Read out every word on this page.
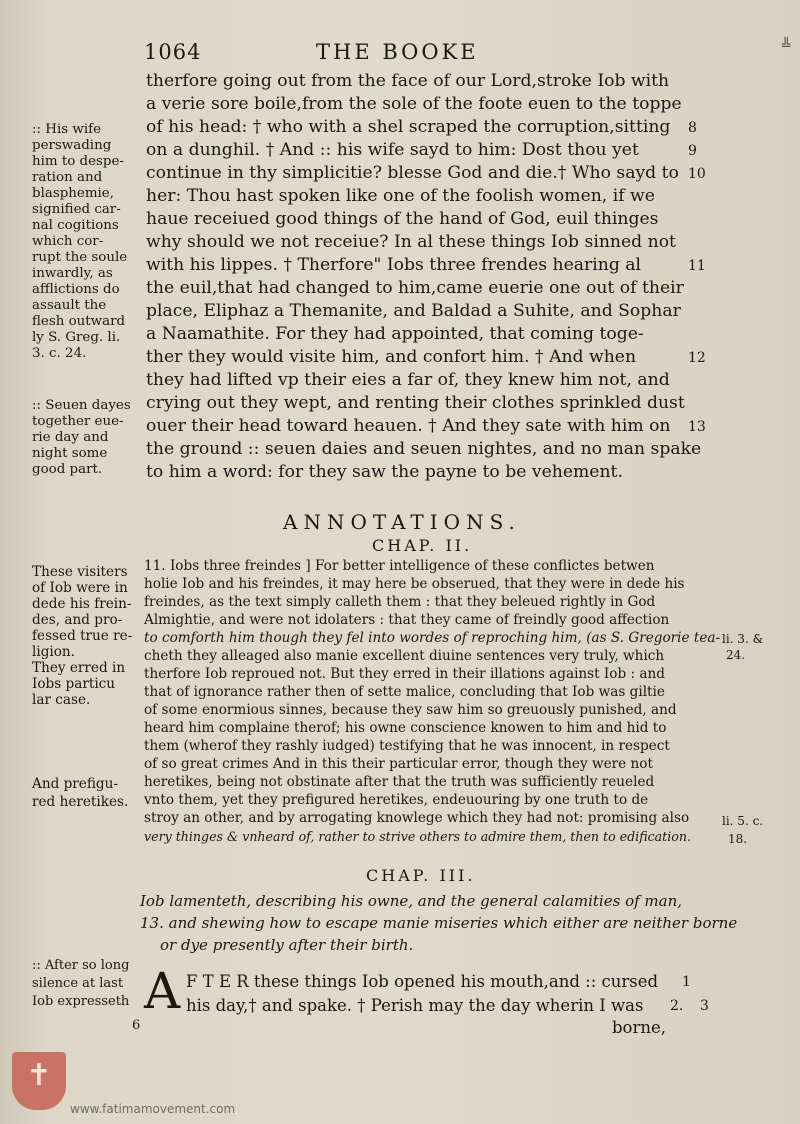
1064	THE BOOKE	╩
therfore going out from the face of our Lord,stroke Iob with
a verie sore boile,from the sole of the foote euen to the toppe
of his head: † who with a shel scraped the corruption,sitting
on a dunghil. † And :: his wife sayd to him: Dost thou yet
continue in thy simplicitie? blesse God and die.† Who sayd to
her: Thou hast spoken like one of the foolish women, if we
haue receiued good things of the hand of God, euil thinges
why should we not receiue? In al these things Iob sinned not
with his lippes. † Therfore" Iobs three frendes hearing al
the euil,that had changed to him,came euerie one out of their
place, Eliphaz a Themanite, and Baldad a Suhite, and Sophar
a Naamathite. For they had appointed, that coming toge-
ther they would visite him, and confort him. † And when
they had lifted vp their eies a far of, they knew him not, and
crying out they wept, and renting their clothes sprinkled dust
ouer their head toward heauen. † And they sate with him on
the ground :: seuen daies and seuen nightes, and no man spake
to him a word: for they saw the payne to be vehement.
8
9
10
11
12
13
:: His wife
perswading
him to despe-
ration and
blasphemie,
signified car-
nal cogitions
which cor-
rupt the soule
inwardly, as
afflictions do
assault the
flesh outward
ly S. Greg. li.
3. c. 24.
:: Seuen dayes
together eue-
rie day and
night some
good part.
ANNOTATIONS.
CHAP. II.
11. Iobs three freindes ] For better intelligence of these conflictes betwen
holie Iob and his freindes, it may here be obserued, that they were in dede his
freindes, as the text simply calleth them : that they beleued rightly in God
Almightie, and were not idolaters : that they came of freindly good affection
to comforth him though they fel into wordes of reproching him, (as S. Gregorie tea-
cheth they alleaged also manie excellent diuine sentences very truly, which
therfore Iob reproued not. But they erred in their illations against Iob : and
that of ignorance rather then of sette malice, concluding that Iob was giltie
of some enormious sinnes, because they saw him so greuously punished, and
heard him complaine therof; his owne conscience knowen to him and hid to
them (wherof they rashly iudged) testifying that he was innocent, in respect
of so great crimes And in this their particular error, though they were not
heretikes, being not obstinate after that the truth was sufficiently reueled
vnto them, yet they prefigured heretikes, endeuouring by one truth to de
stroy an other, and by arrogating knowlege which they had not: promising also
very thinges & vnheard of, rather to strive others to admire them, then to edification.
These visiters
of Iob were in
dede his frein-
des, and pro-
fessed true re-
ligion.
They erred in
Iobs particu
lar case.
And prefigu-
red heretikes.
li. 3. &
24.
li. 5. c.
18.
CHAP. III.
Iob lamenteth, describing his owne, and the general calamities of man,
13. and shewing how to escape manie miseries which either are neither borne
or dye presently after their birth.
:: After so long
silence at last
Iob expresseth A F T E R these things Iob opened his mouth,and :: cursed
his day,† and spake. † Perish may the day wherin I was
borne,
1
2. 3
6
✝
www.fatimamovement.com
